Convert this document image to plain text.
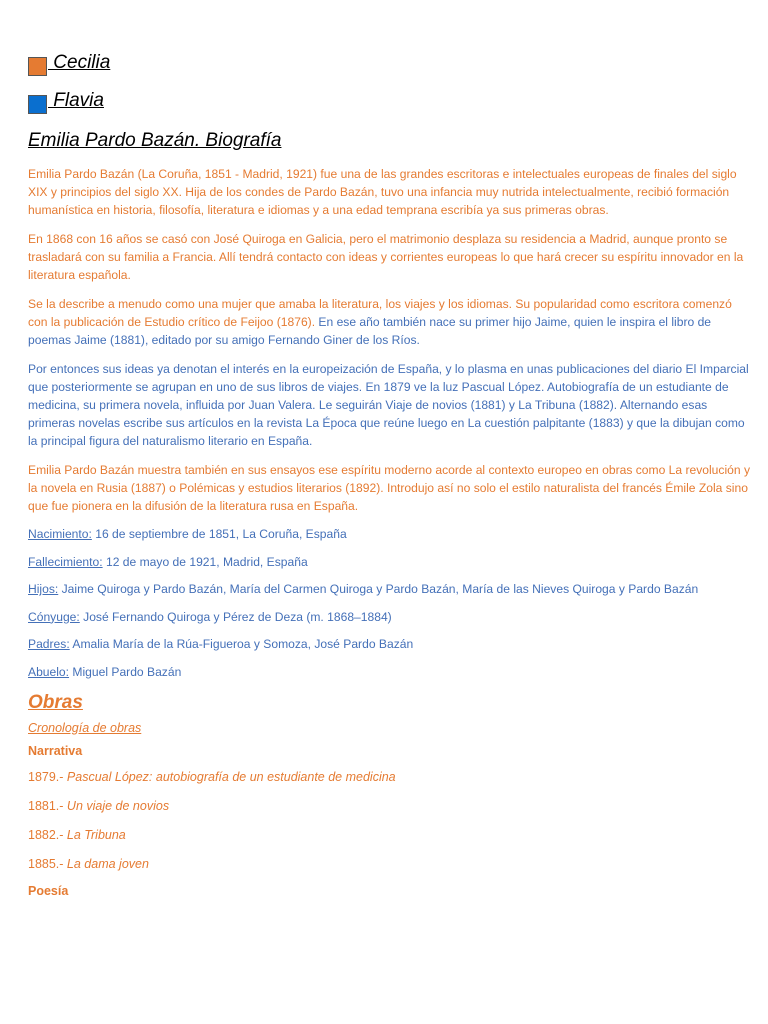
Cecilia
Flavia
Emilia Pardo Bazán. Biografía

Emilia Pardo Bazán (La Coruña, 1851 - Madrid, 1921) fue una de las grandes escritoras e intelectuales europeas de finales del siglo XIX y principios del siglo XX. Hija de los condes de Pardo Bazán, tuvo una infancia muy nutrida intelectualmente, recibió formación humanística en historia, filosofía, literatura e idiomas y a una edad temprana escribía ya sus primeras obras.

En 1868 con 16 años se casó con José Quiroga en Galicia, pero el matrimonio desplaza su residencia a Madrid, aunque pronto se trasladará con su familia a Francia. Allí tendrá contacto con ideas y corrientes europeas lo que hará crecer su espíritu innovador en la literatura española.

Se la describe a menudo como una mujer que amaba la literatura, los viajes y los idiomas. Su popularidad como escritora comenzó con la publicación de Estudio crítico de Feijoo (1876). En ese año también nace su primer hijo Jaime, quien le inspira el libro de poemas Jaime (1881), editado por su amigo Fernando Giner de los Ríos.

Por entonces sus ideas ya denotan el interés en la europeización de España, y lo plasma en unas publicaciones del diario El Imparcial que posteriormente se agrupan en uno de sus libros de viajes. En 1879 ve la luz Pascual López. Autobiografía de un estudiante de medicina, su primera novela, influida por Juan Valera. Le seguirán Viaje de novios (1881) y La Tribuna (1882). Alternando esas primeras novelas escribe sus artículos en la revista La Época que reúne luego en La cuestión palpitante (1883) y que la dibujan como la principal figura del naturalismo literario en España.

Emilia Pardo Bazán muestra también en sus ensayos ese espíritu moderno acorde al contexto europeo en obras como La revolución y la novela en Rusia (1887) o Polémicas y estudios literarios (1892). Introdujo así no solo el estilo naturalista del francés Émile Zola sino que fue pionera en la difusión de la literatura rusa en España.

Nacimiento: 16 de septiembre de 1851, La Coruña, España
Fallecimiento: 12 de mayo de 1921, Madrid, España
Hijos: Jaime Quiroga y Pardo Bazán, María del Carmen Quiroga y Pardo Bazán, María de las Nieves Quiroga y Pardo Bazán
Cónyuge: José Fernando Quiroga y Pérez de Deza (m. 1868–1884)
Padres: Amalia María de la Rúa-Figueroa y Somoza, José Pardo Bazán
Abuelo: Miguel Pardo Bazán
Obras
Cronología de obras
Narrativa
1879.- Pascual López: autobiografía de un estudiante de medicina
1881.- Un viaje de novios
1882.- La Tribuna
1885.- La dama joven
Poesía
